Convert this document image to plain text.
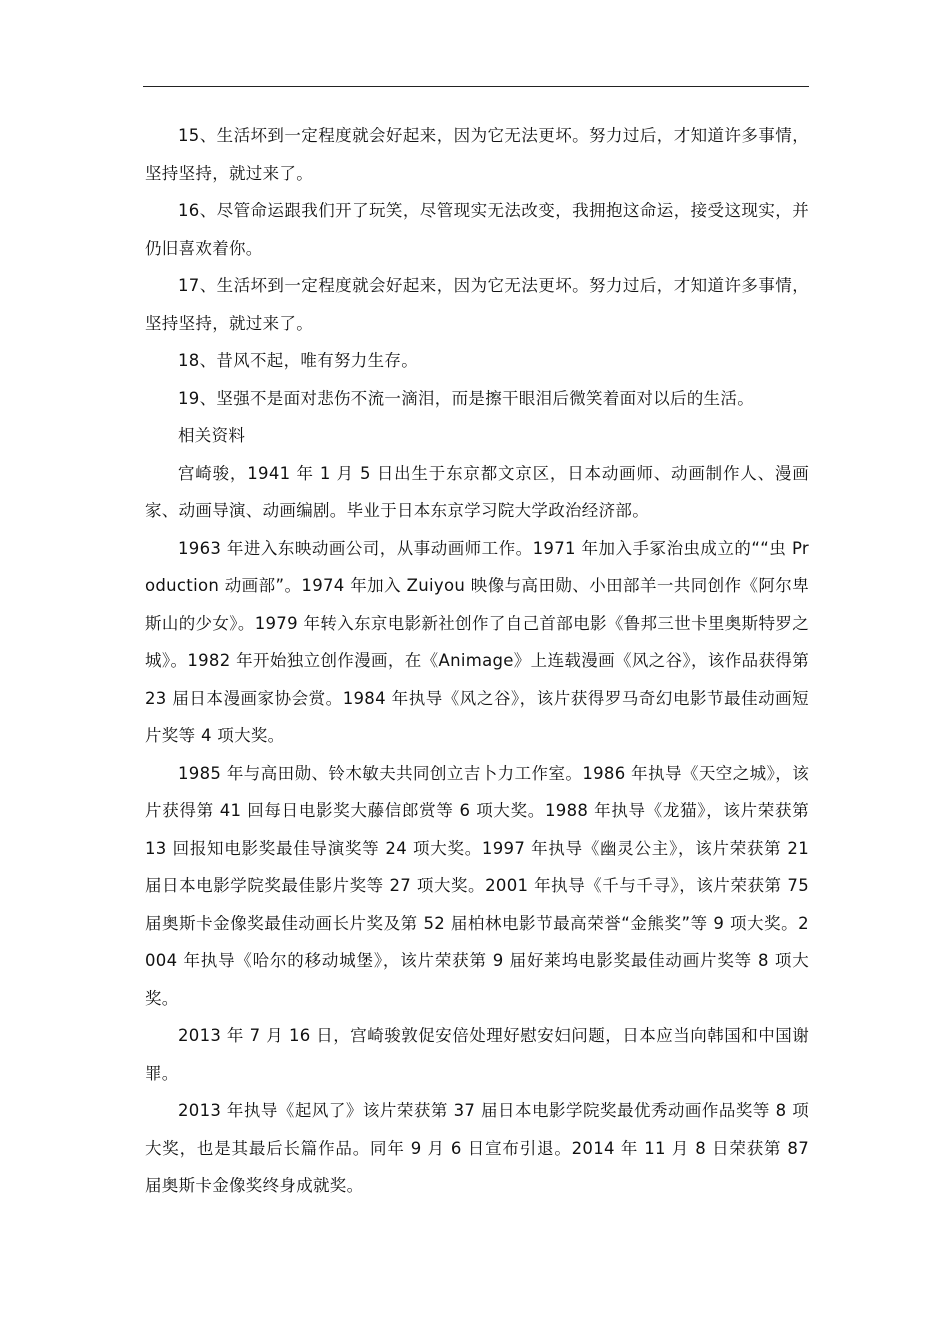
15、生活坏到一定程度就会好起来，因为它无法更坏。努力过后，才知道许多事情，坚持坚持，就过来了。

16、尽管命运跟我们开了玩笑，尽管现实无法改变，我拥抱这命运，接受这现实，并仍旧喜欢着你。

17、生活坏到一定程度就会好起来，因为它无法更坏。努力过后，才知道许多事情，坚持坚持，就过来了。

18、昔风不起，唯有努力生存。

19、坚强不是面对悲伤不流一滴泪，而是擦干眼泪后微笑着面对以后的生活。

相关资料

宫崎骏，1941 年 1 月 5 日出生于东京都文京区，日本动画师、动画制作人、漫画家、动画导演、动画编剧。毕业于日本东京学习院大学政治经济部。

1963 年进入东映动画公司，从事动画师工作。1971 年加入手冢治虫成立的““虫 Production 动画部”。1974 年加入 Zuiyou 映像与高田勋、小田部羊一共同创作《阿尔卑斯山的少女》。1979 年转入东京电影新社创作了自己首部电影《鲁邦三世卡里奥斯特罗之城》。1982 年开始独立创作漫画，在《Animage》上连载漫画《风之谷》，该作品获得第 23 届日本漫画家协会赏。1984 年执导《风之谷》，该片获得罗马奇幻电影节最佳动画短片奖等 4 项大奖。

1985 年与高田勋、铃木敏夫共同创立吉卜力工作室。1986 年执导《天空之城》，该片获得第 41 回每日电影奖大藤信郎赏等 6 项大奖。1988 年执导《龙猫》，该片荣获第 13 回报知电影奖最佳导演奖等 24 项大奖。1997 年执导《幽灵公主》，该片荣获第 21 届日本电影学院奖最佳影片奖等 27 项大奖。2001 年执导《千与千寻》，该片荣获第 75 届奥斯卡金像奖最佳动画长片奖及第 52 届柏林电影节最高荣誉“金熊奖”等 9 项大奖。2004 年执导《哈尔的移动城堡》，该片荣获第 9 届好莱坞电影奖最佳动画片奖等 8 项大奖。

2013 年 7 月 16 日，宫崎骏敦促安倍处理好慰安妇问题，日本应当向韩国和中国谢罪。

2013 年执导《起风了》该片荣获第 37 届日本电影学院奖最优秀动画作品奖等 8 项大奖，也是其最后长篇作品。同年 9 月 6 日宣布引退。2014 年 11 月 8 日荣获第 87 届奥斯卡金像奖终身成就奖。
